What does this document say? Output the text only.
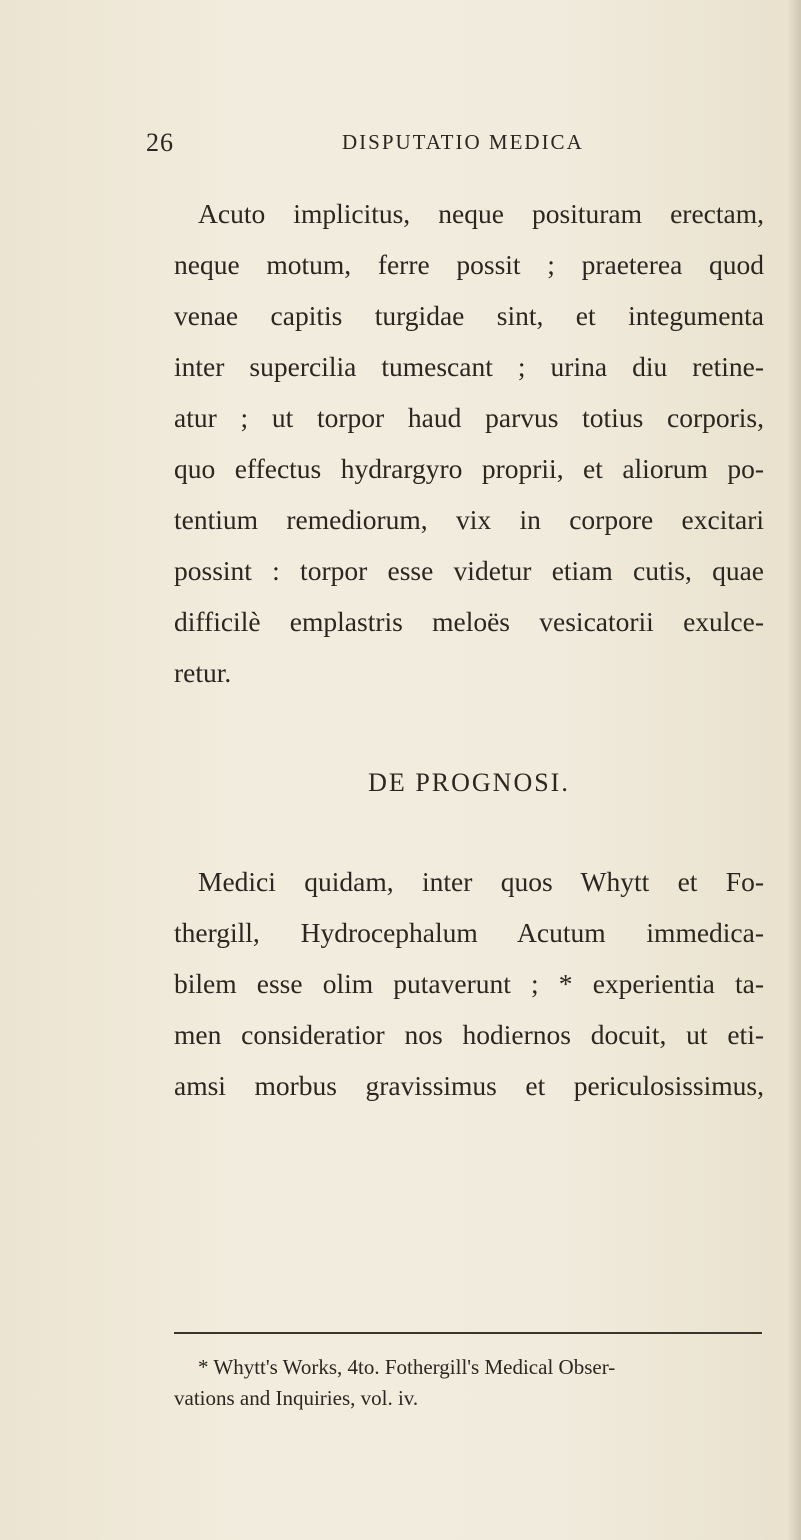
26	DISPUTATIO MEDICA
Acuto implicitus, neque posituram erectam,
neque motum, ferre possit ; praeterea quod
venae capitis turgidae sint, et integumenta
inter supercilia tumescant ; urina diu retine-
atur ; ut torpor haud parvus totius corporis,
quo effectus hydrargyro proprii, et aliorum po-
tentium remediorum, vix in corpore excitari
possint : torpor esse videtur etiam cutis, quae
difficilè emplastris meloës vesicatorii exulce-
retur.
DE PROGNOSI.
Medici quidam, inter quos Whytt et Fo-
thergill, Hydrocephalum Acutum immedica-
bilem esse olim putaverunt ; * experientia ta-
men consideratior nos hodiernos docuit, ut eti-
amsi morbus gravissimus et periculosissimus,
* Whytt's Works, 4to. Fothergill's Medical Obser-
vations and Inquiries, vol. iv.
